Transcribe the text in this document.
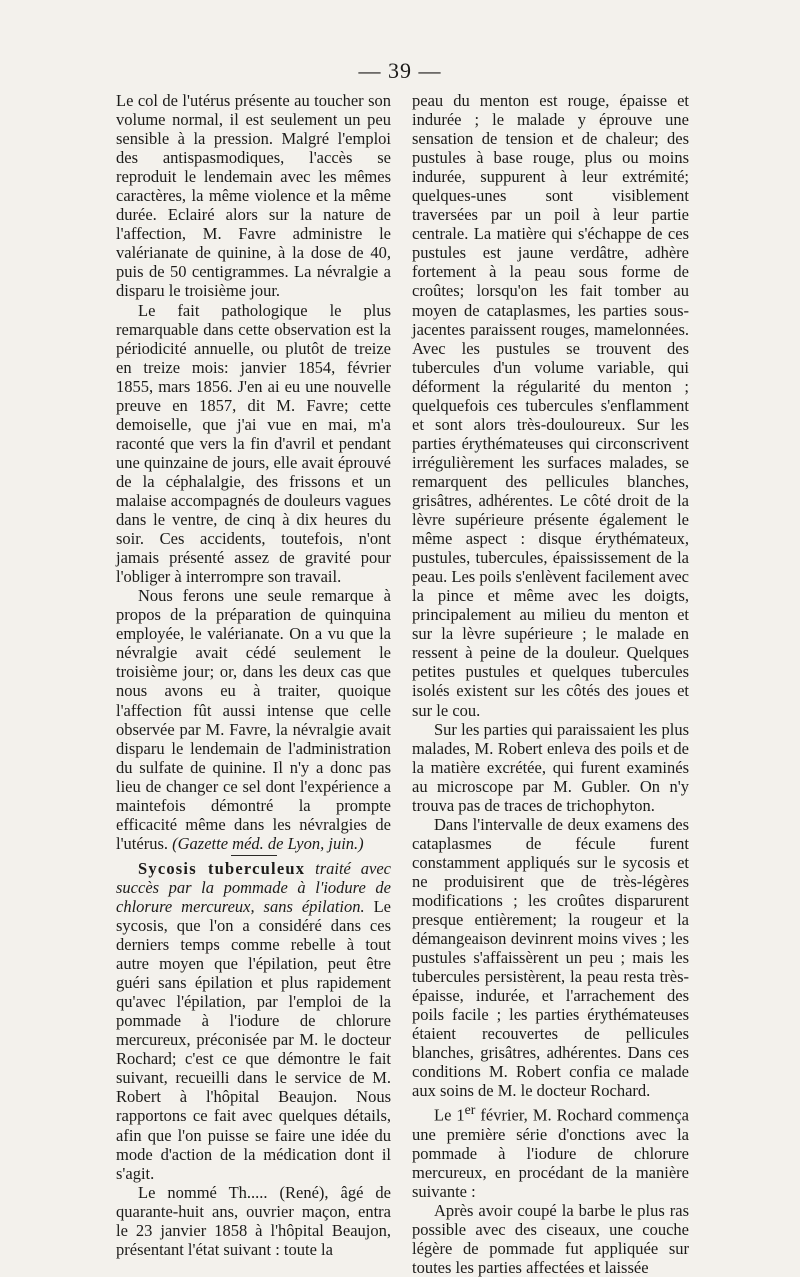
— 39 —

Le col de l'utérus présente au toucher son volume normal, il est seulement un peu sensible à la pression. Malgré l'emploi des antispasmodiques, l'accès se reproduit le lendemain avec les mêmes caractères, la même violence et la même durée. Eclairé alors sur la nature de l'affection, M. Favre administre le valérianate de quinine, à la dose de 40, puis de 50 centigrammes. La névralgie a disparu le troisième jour.

Le fait pathologique le plus remarquable dans cette observation est la périodicité annuelle, ou plutôt de treize en treize mois: janvier 1854, février 1855, mars 1856. J'en ai eu une nouvelle preuve en 1857, dit M. Favre; cette demoiselle, que j'ai vue en mai, m'a raconté que vers la fin d'avril et pendant une quinzaine de jours, elle avait éprouvé de la céphalalgie, des frissons et un malaise accompagnés de douleurs vagues dans le ventre, de cinq à dix heures du soir. Ces accidents, toutefois, n'ont jamais présenté assez de gravité pour l'obliger à interrompre son travail.

Nous ferons une seule remarque à propos de la préparation de quinquina employée, le valérianate. On a vu que la névralgie avait cédé seulement le troisième jour; or, dans les deux cas que nous avons eu à traiter, quoique l'affection fût aussi intense que celle observée par M. Favre, la névralgie avait disparu le lendemain de l'administration du sulfate de quinine. Il n'y a donc pas lieu de changer ce sel dont l'expérience a maintefois démontré la prompte efficacité même dans les névralgies de l'utérus. (Gazette méd. de Lyon, juin.)

Sycosis tuberculeux traité avec succès par la pommade à l'iodure de chlorure mercureux, sans épilation. Le sycosis, que l'on a considéré dans ces derniers temps comme rebelle à tout autre moyen que l'épilation, peut être guéri sans épilation et plus rapidement qu'avec l'épilation, par l'emploi de la pommade à l'iodure de chlorure mercureux, préconisée par M. le docteur Rochard; c'est ce que démontre le fait suivant, recueilli dans le service de M. Robert à l'hôpital Beaujon. Nous rapportons ce fait avec quelques détails, afin que l'on puisse se faire une idée du mode d'action de la médication dont il s'agit.

Le nommé Th..... (René), âgé de quarante-huit ans, ouvrier maçon, entra le 23 janvier 1858 à l'hôpital Beaujon, présentant l'état suivant : toute la

peau du menton est rouge, épaisse et indurée ; le malade y éprouve une sensation de tension et de chaleur; des pustules à base rouge, plus ou moins indurée, suppurent à leur extrémité; quelques-unes sont visiblement traversées par un poil à leur partie centrale. La matière qui s'échappe de ces pustules est jaune verdâtre, adhère fortement à la peau sous forme de croûtes; lorsqu'on les fait tomber au moyen de cataplasmes, les parties sous-jacentes paraissent rouges, mamelonnées. Avec les pustules se trouvent des tubercules d'un volume variable, qui déforment la régularité du menton ; quelquefois ces tubercules s'enflamment et sont alors très-douloureux. Sur les parties érythémateuses qui circonscrivent irrégulièrement les surfaces malades, se remarquent des pellicules blanches, grisâtres, adhérentes. Le côté droit de la lèvre supérieure présente également le même aspect : disque érythémateux, pustules, tubercules, épaississement de la peau. Les poils s'enlèvent facilement avec la pince et même avec les doigts, principalement au milieu du menton et sur la lèvre supérieure ; le malade en ressent à peine de la douleur. Quelques petites pustules et quelques tubercules isolés existent sur les côtés des joues et sur le cou.

Sur les parties qui paraissaient les plus malades, M. Robert enleva des poils et de la matière excrétée, qui furent examinés au microscope par M. Gubler. On n'y trouva pas de traces de trichophyton.

Dans l'intervalle de deux examens des cataplasmes de fécule furent constamment appliqués sur le sycosis et ne produisirent que de très-légères modifications ; les croûtes disparurent presque entièrement; la rougeur et la démangeaison devinrent moins vives ; les pustules s'affaissèrent un peu ; mais les tubercules persistèrent, la peau resta très-épaisse, indurée, et l'arrachement des poils facile ; les parties érythémateuses étaient recouvertes de pellicules blanches, grisâtres, adhérentes. Dans ces conditions M. Robert confia ce malade aux soins de M. le docteur Rochard.

Le 1er février, M. Rochard commença une première série d'onctions avec la pommade à l'iodure de chlorure mercureux, en procédant de la manière suivante :

Après avoir coupé la barbe le plus ras possible avec des ciseaux, une couche légère de pommade fut appliquée sur toutes les parties affectées et laissée
